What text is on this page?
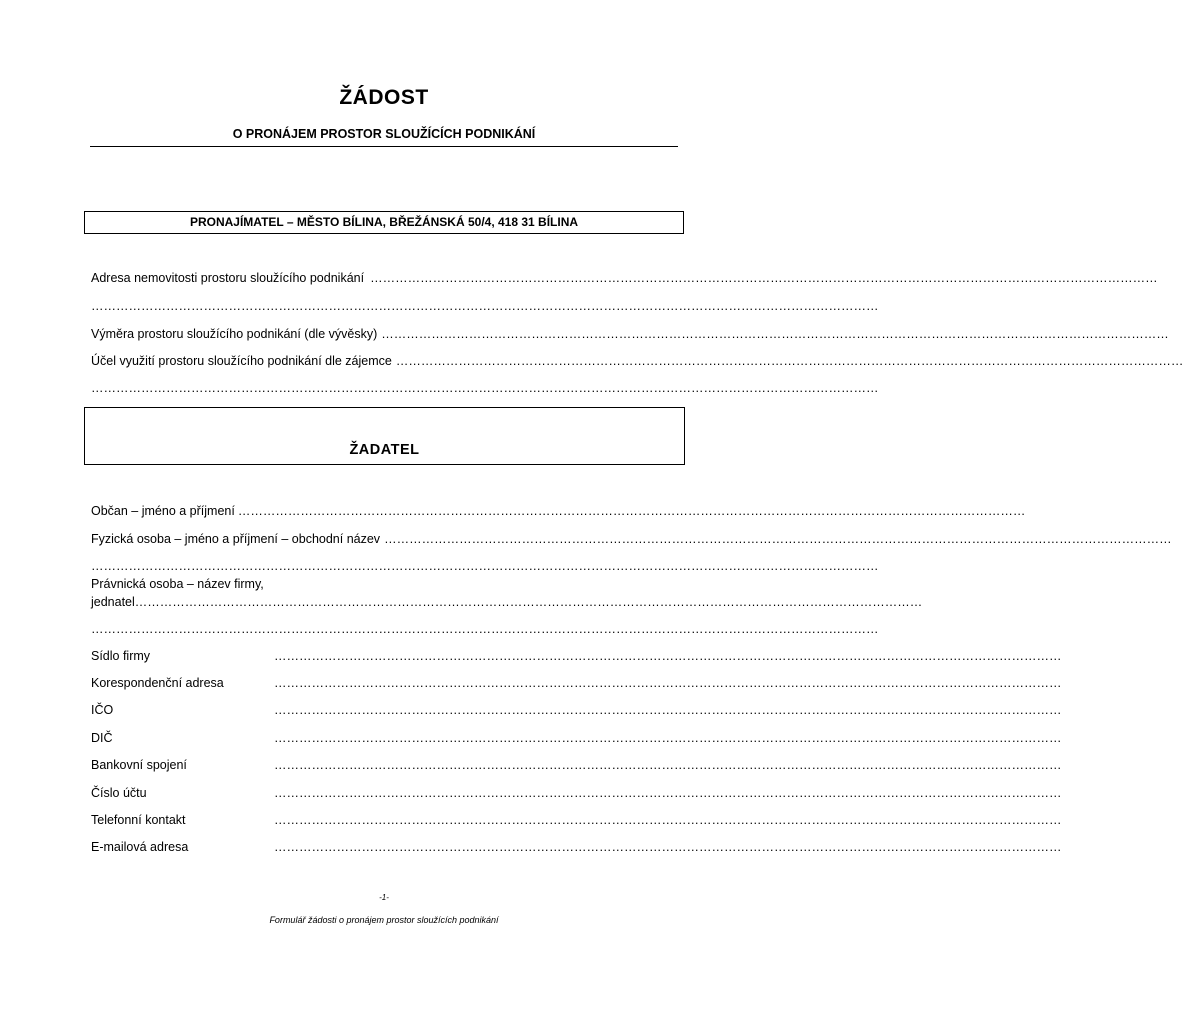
ŽÁDOST
O PRONÁJEM PROSTOR SLOUŽÍCÍCH PODNIKÁNÍ
PRONAJÍMATEL – MĚSTO BÍLINA, BŘEŽÁNSKÁ 50/4, 418 31 BÍLINA
Adresa nemovitosti prostoru sloužícího podnikání ………………………………………………………………………………………………………………………………………………………………………
………………………………………………………………………………………………………………………………………………………………………
Výměra prostoru sloužícího podnikání (dle vývěsky) ………………………………………………………………………………………………………………………………………………………………………
Účel využití prostoru sloužícího podnikání dle zájemce ………………………………………………………………………………………………………………………………………………………………………
………………………………………………………………………………………………………………………………………………………………………
ŽADATEL
Občan – jméno a příjmení ………………………………………………………………………………………………………………………………………………………………………
Fyzická osoba – jméno a příjmení – obchodní název ………………………………………………………………………………………………………………………………………………………………………
………………………………………………………………………………………………………………………………………………………………………
Právnická osoba – název firmy,
jednatel………………………………………………………………………………………………………………………………………………………………………
………………………………………………………………………………………………………………………………………………………………………
Sídlo firmy	………………………………………………………………………………………………………………………………………………………………………
Korespondenční adresa	………………………………………………………………………………………………………………………………………………………………………
IČO	………………………………………………………………………………………………………………………………………………………………………
DIČ	………………………………………………………………………………………………………………………………………………………………………
Bankovní spojení	………………………………………………………………………………………………………………………………………………………………………
Číslo účtu	………………………………………………………………………………………………………………………………………………………………………
Telefonní kontakt	………………………………………………………………………………………………………………………………………………………………………
E-mailová adresa	………………………………………………………………………………………………………………………………………………………………………
-1-
Formulář žádosti o pronájem prostor sloužících podnikání
